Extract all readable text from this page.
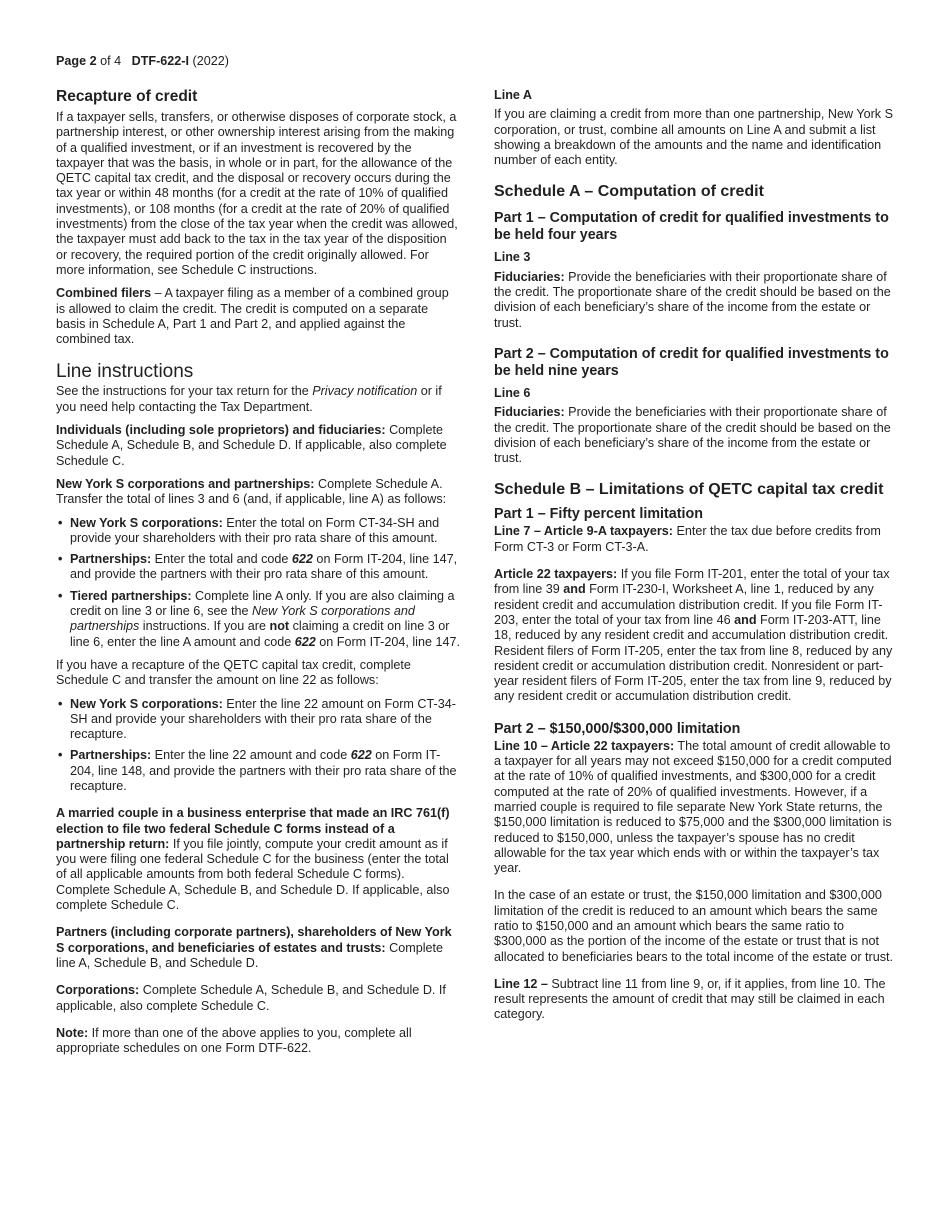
Page 2 of 4 DTF-622-I (2022)
Recapture of credit

If a taxpayer sells, transfers, or otherwise disposes of corporate stock, a partnership interest, or other ownership interest arising from the making of a qualified investment, or if an investment is recovered by the taxpayer that was the basis, in whole or in part, for the allowance of the QETC capital tax credit, and the disposal or recovery occurs during the tax year or within 48 months (for a credit at the rate of 10% of qualified investments), or 108 months (for a credit at the rate of 20% of qualified investments) from the close of the tax year when the credit was allowed, the taxpayer must add back to the tax in the tax year of the disposition or recovery, the required portion of the credit originally allowed. For more information, see Schedule C instructions.

Combined filers – A taxpayer filing as a member of a combined group is allowed to claim the credit. The credit is computed on a separate basis in Schedule A, Part 1 and Part 2, and applied against the combined tax.

Line instructions

See the instructions for your tax return for the Privacy notification or if you need help contacting the Tax Department.

Individuals (including sole proprietors) and fiduciaries: Complete Schedule A, Schedule B, and Schedule D. If applicable, also complete Schedule C.

New York S corporations and partnerships: Complete Schedule A. Transfer the total of lines 3 and 6 (and, if applicable, line A) as follows:

• New York S corporations: Enter the total on Form CT-34-SH and provide your shareholders with their pro rata share of this amount.
• Partnerships: Enter the total and code 622 on Form IT-204, line 147, and provide the partners with their pro rata share of this amount.
• Tiered partnerships: Complete line A only. If you are also claiming a credit on line 3 or line 6, see the New York S corporations and partnerships instructions. If you are not claiming a credit on line 3 or line 6, enter the line A amount and code 622 on Form IT-204, line 147.

If you have a recapture of the QETC capital tax credit, complete Schedule C and transfer the amount on line 22 as follows:

• New York S corporations: Enter the line 22 amount on Form CT-34-SH and provide your shareholders with their pro rata share of the recapture.
• Partnerships: Enter the line 22 amount and code 622 on Form IT-204, line 148, and provide the partners with their pro rata share of the recapture.

A married couple in a business enterprise that made an IRC 761(f) election to file two federal Schedule C forms instead of a partnership return: If you file jointly, compute your credit amount as if you were filing one federal Schedule C for the business (enter the total of all applicable amounts from both federal Schedule C forms). Complete Schedule A, Schedule B, and Schedule D. If applicable, also complete Schedule C.

Partners (including corporate partners), shareholders of New York S corporations, and beneficiaries of estates and trusts: Complete line A, Schedule B, and Schedule D.

Corporations: Complete Schedule A, Schedule B, and Schedule D. If applicable, also complete Schedule C.

Note: If more than one of the above applies to you, complete all appropriate schedules on one Form DTF-622.

Line A

If you are claiming a credit from more than one partnership, New York S corporation, or trust, combine all amounts on Line A and submit a list showing a breakdown of the amounts and the name and identification number of each entity.

Schedule A – Computation of credit
Part 1 – Computation of credit for qualified investments to be held four years
Line 3

Fiduciaries: Provide the beneficiaries with their proportionate share of the credit. The proportionate share of the credit should be based on the division of each beneficiary’s share of the income from the estate or trust.

Part 2 – Computation of credit for qualified investments to be held nine years
Line 6

Fiduciaries: Provide the beneficiaries with their proportionate share of the credit. The proportionate share of the credit should be based on the division of each beneficiary’s share of the income from the estate or trust.

Schedule B – Limitations of QETC capital tax credit
Part 1 – Fifty percent limitation

Line 7 – Article 9-A taxpayers: Enter the tax due before credits from Form CT-3 or Form CT-3-A.

Article 22 taxpayers: If you file Form IT-201, enter the total of your tax from line 39 and Form IT-230-I, Worksheet A, line 1, reduced by any resident credit and accumulation distribution credit. If you file Form IT-203, enter the total of your tax from line 46 and Form IT-203-ATT, line 18, reduced by any resident credit and accumulation distribution credit. Resident filers of Form IT-205, enter the tax from line 8, reduced by any resident credit or accumulation distribution credit. Nonresident or part-year resident filers of Form IT-205, enter the tax from line 9, reduced by any resident credit or accumulation distribution credit.

Part 2 – $150,000/$300,000 limitation

Line 10 – Article 22 taxpayers: The total amount of credit allowable to a taxpayer for all years may not exceed $150,000 for a credit computed at the rate of 10% of qualified investments, and $300,000 for a credit computed at the rate of 20% of qualified investments. However, if a married couple is required to file separate New York State returns, the $150,000 limitation is reduced to $75,000 and the $300,000 limitation is reduced to $150,000, unless the taxpayer’s spouse has no credit allowable for the tax year which ends with or within the taxpayer’s tax year.

In the case of an estate or trust, the $150,000 limitation and $300,000 limitation of the credit is reduced to an amount which bears the same ratio to $150,000 and an amount which bears the same ratio to $300,000 as the portion of the income of the estate or trust that is not allocated to beneficiaries bears to the total income of the estate or trust.

Line 12 – Subtract line 11 from line 9, or, if it applies, from line 10. The result represents the amount of credit that may still be claimed in each category.
